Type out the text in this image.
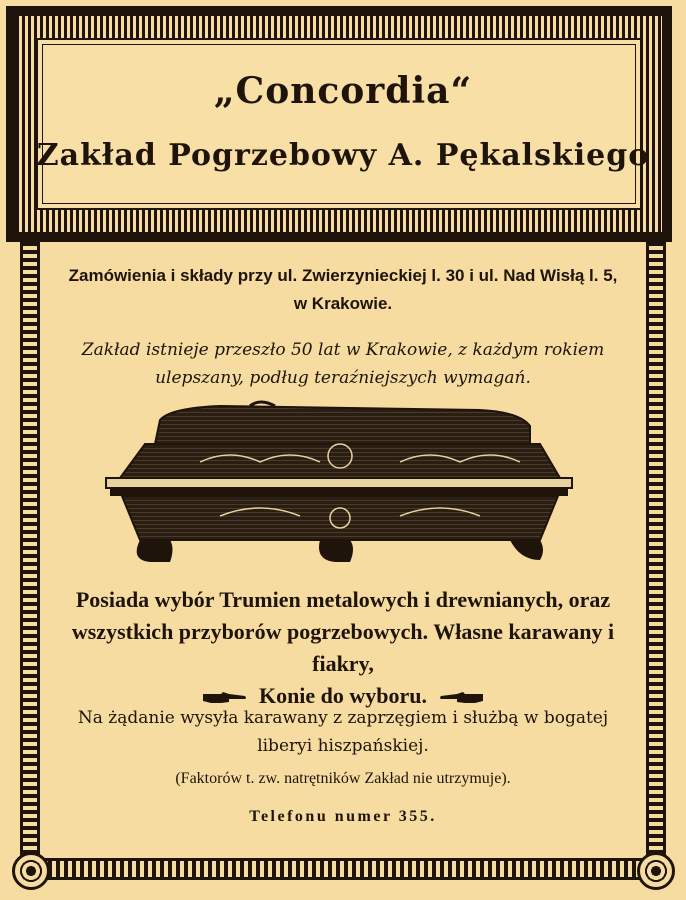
„Concordia“
Zakład Pogrzebowy A. Pękalskiego
Zamówienia i składy przy ul. Zwierzynieckiej l. 30 i ul. Nad Wisłą l. 5,
w Krakowie.
Zakład istnieje przeszło 50 lat w Krakowie, z każdym rokiem
ulepszany, podług teraźniejszych wymagań.
Posiada wybór Trumien metalowych i drewnianych, oraz
wszystkich przyborów pogrzebowych. Własne karawany i fiakry,
Konie do wyboru.
Na żądanie wysyła karawany z zaprzęgiem i służbą w bogatej
liberyi hiszpańskiej.
(Faktorów t. zw. natrętników Zakład nie utrzymuje).
Telefonu numer 355.
